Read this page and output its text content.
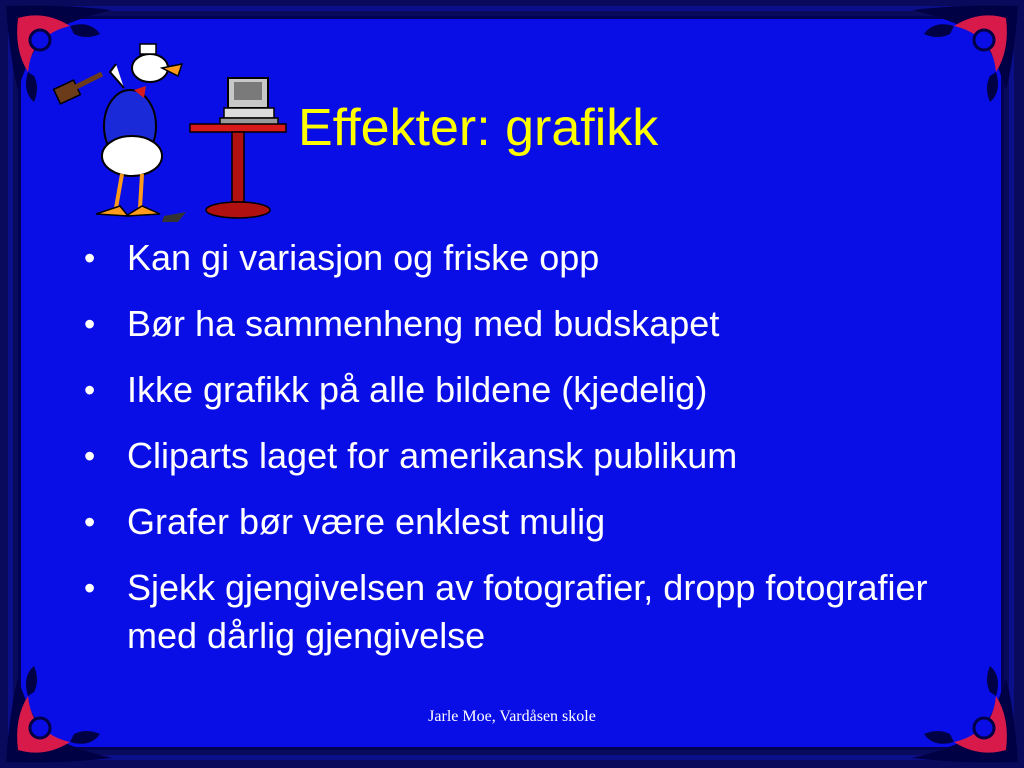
Effekter: grafikk
• Kan gi variasjon og friske opp
• Bør ha sammenheng med budskapet
• Ikke grafikk på alle bildene (kjedelig)
• Cliparts laget for amerikansk publikum
• Grafer bør være enklest mulig
• Sjekk gjengivelsen av fotografier, dropp fotografier med dårlig gjengivelse
Jarle Moe, Vardåsen skole
